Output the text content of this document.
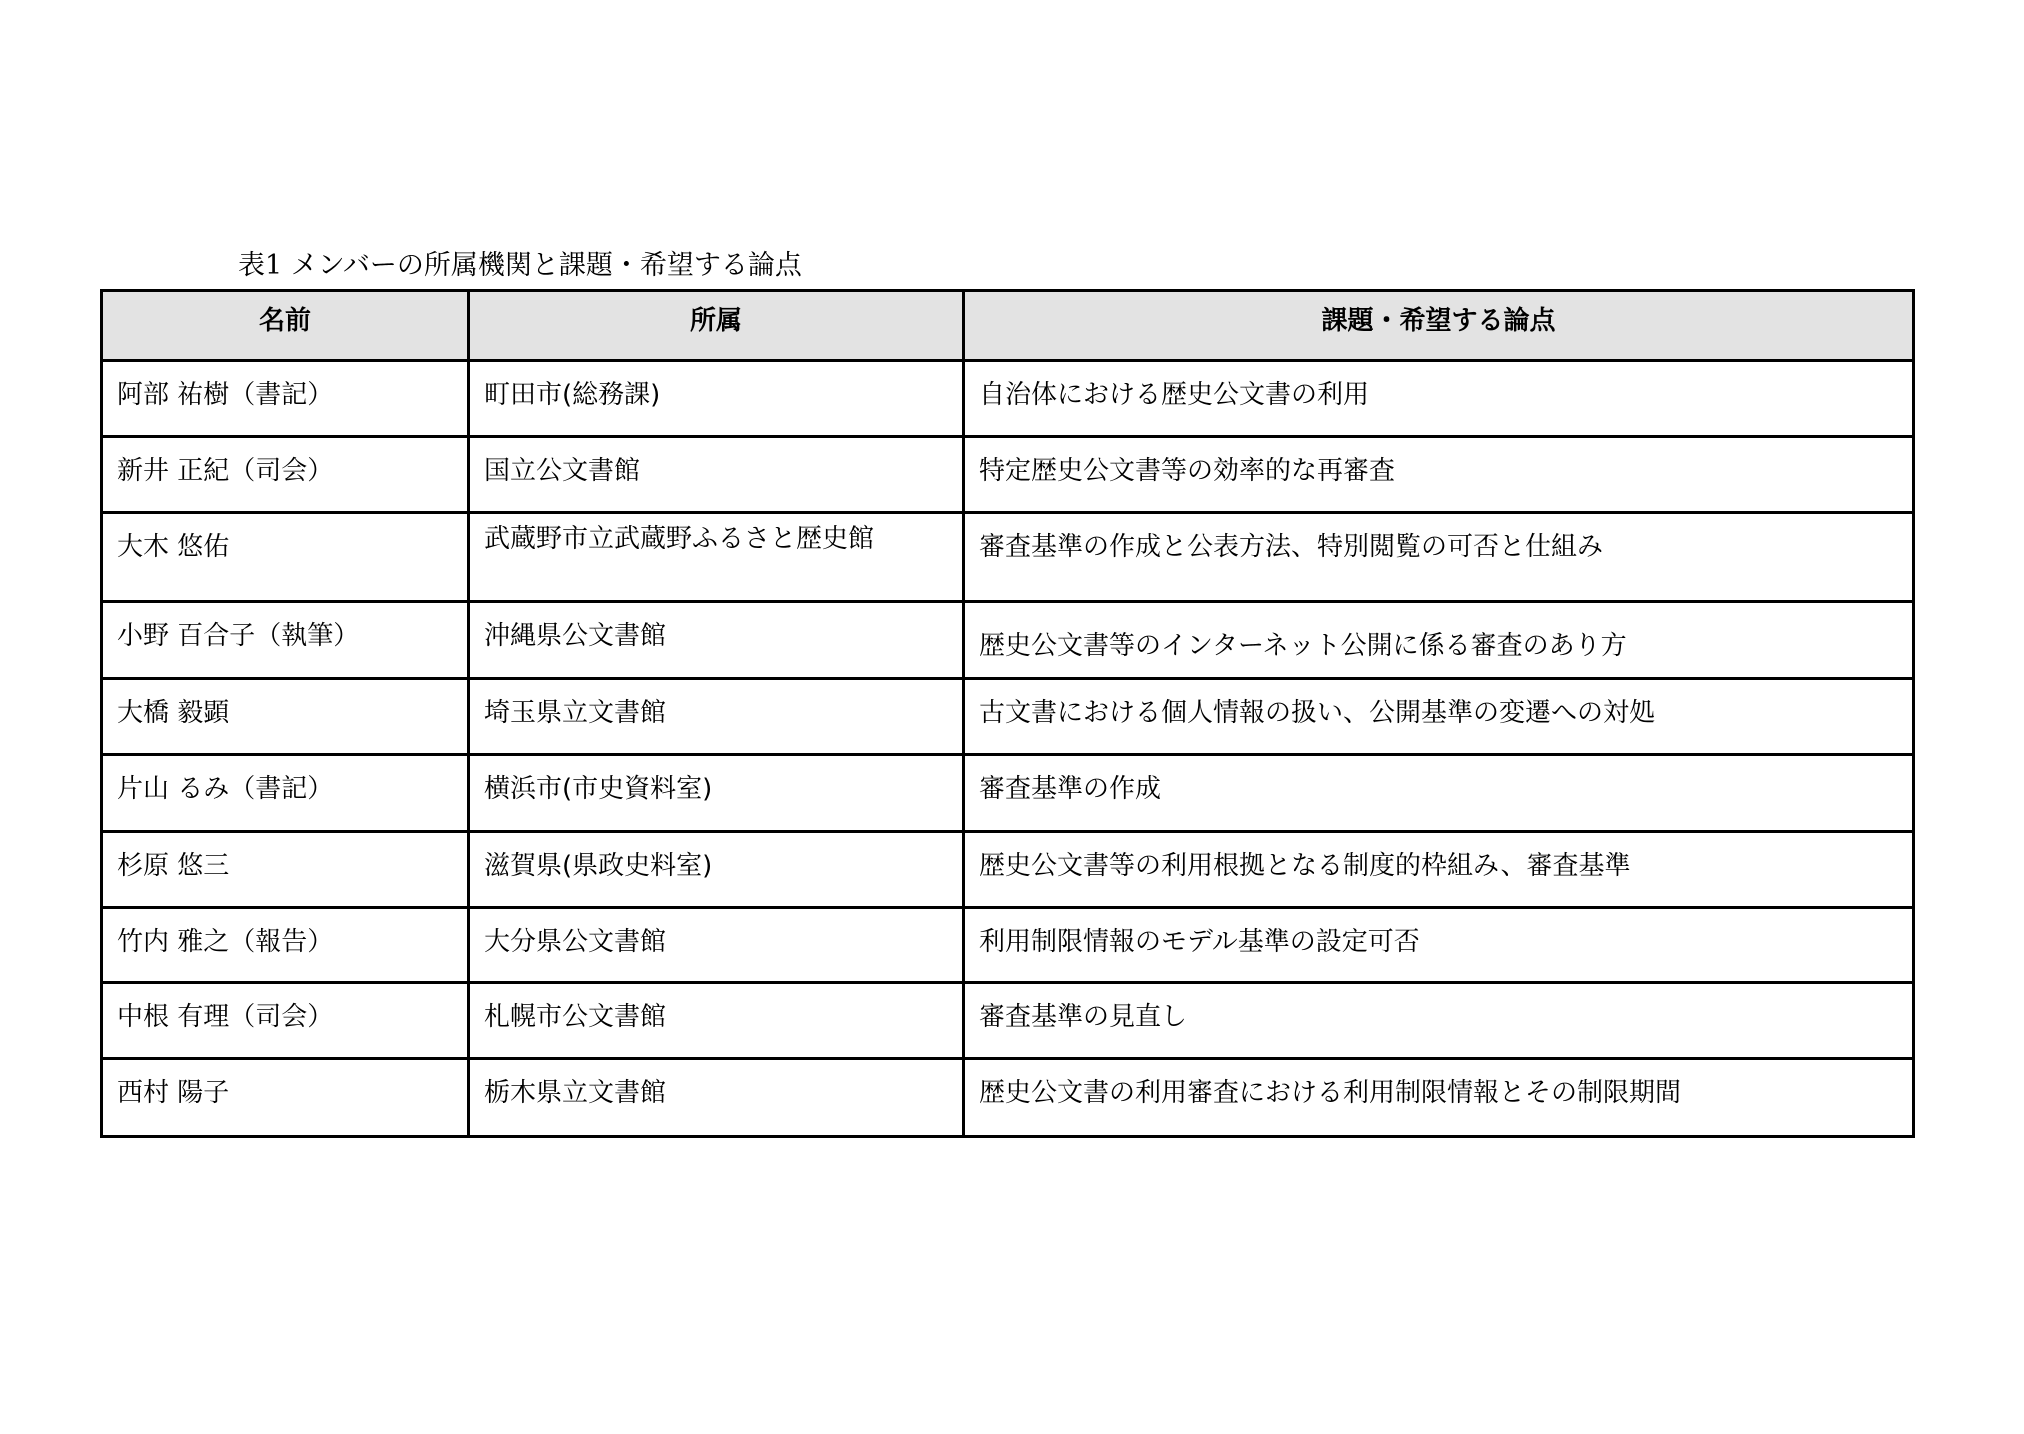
表1 メンバーの所属機関と課題・希望する論点
名前	所属	課題・希望する論点
阿部 祐樹（書記）	町田市(総務課)	自治体における歴史公文書の利用
新井 正紀（司会）	国立公文書館	特定歴史公文書等の効率的な再審査
大木 悠佑	武蔵野市立武蔵野ふるさと歴史館	審査基準の作成と公表方法、特別閲覧の可否と仕組み
小野 百合子（執筆）	沖縄県公文書館	歴史公文書等のインターネット公開に係る審査のあり方
大橋 毅顕	埼玉県立文書館	古文書における個人情報の扱い、公開基準の変遷への対処
片山 るみ（書記）	横浜市(市史資料室)	審査基準の作成
杉原 悠三	滋賀県(県政史料室)	歴史公文書等の利用根拠となる制度的枠組み、審査基準
竹内 雅之（報告）	大分県公文書館	利用制限情報のモデル基準の設定可否
中根 有理（司会）	札幌市公文書館	審査基準の見直し
西村 陽子	栃木県立文書館	歴史公文書の利用審査における利用制限情報とその制限期間
